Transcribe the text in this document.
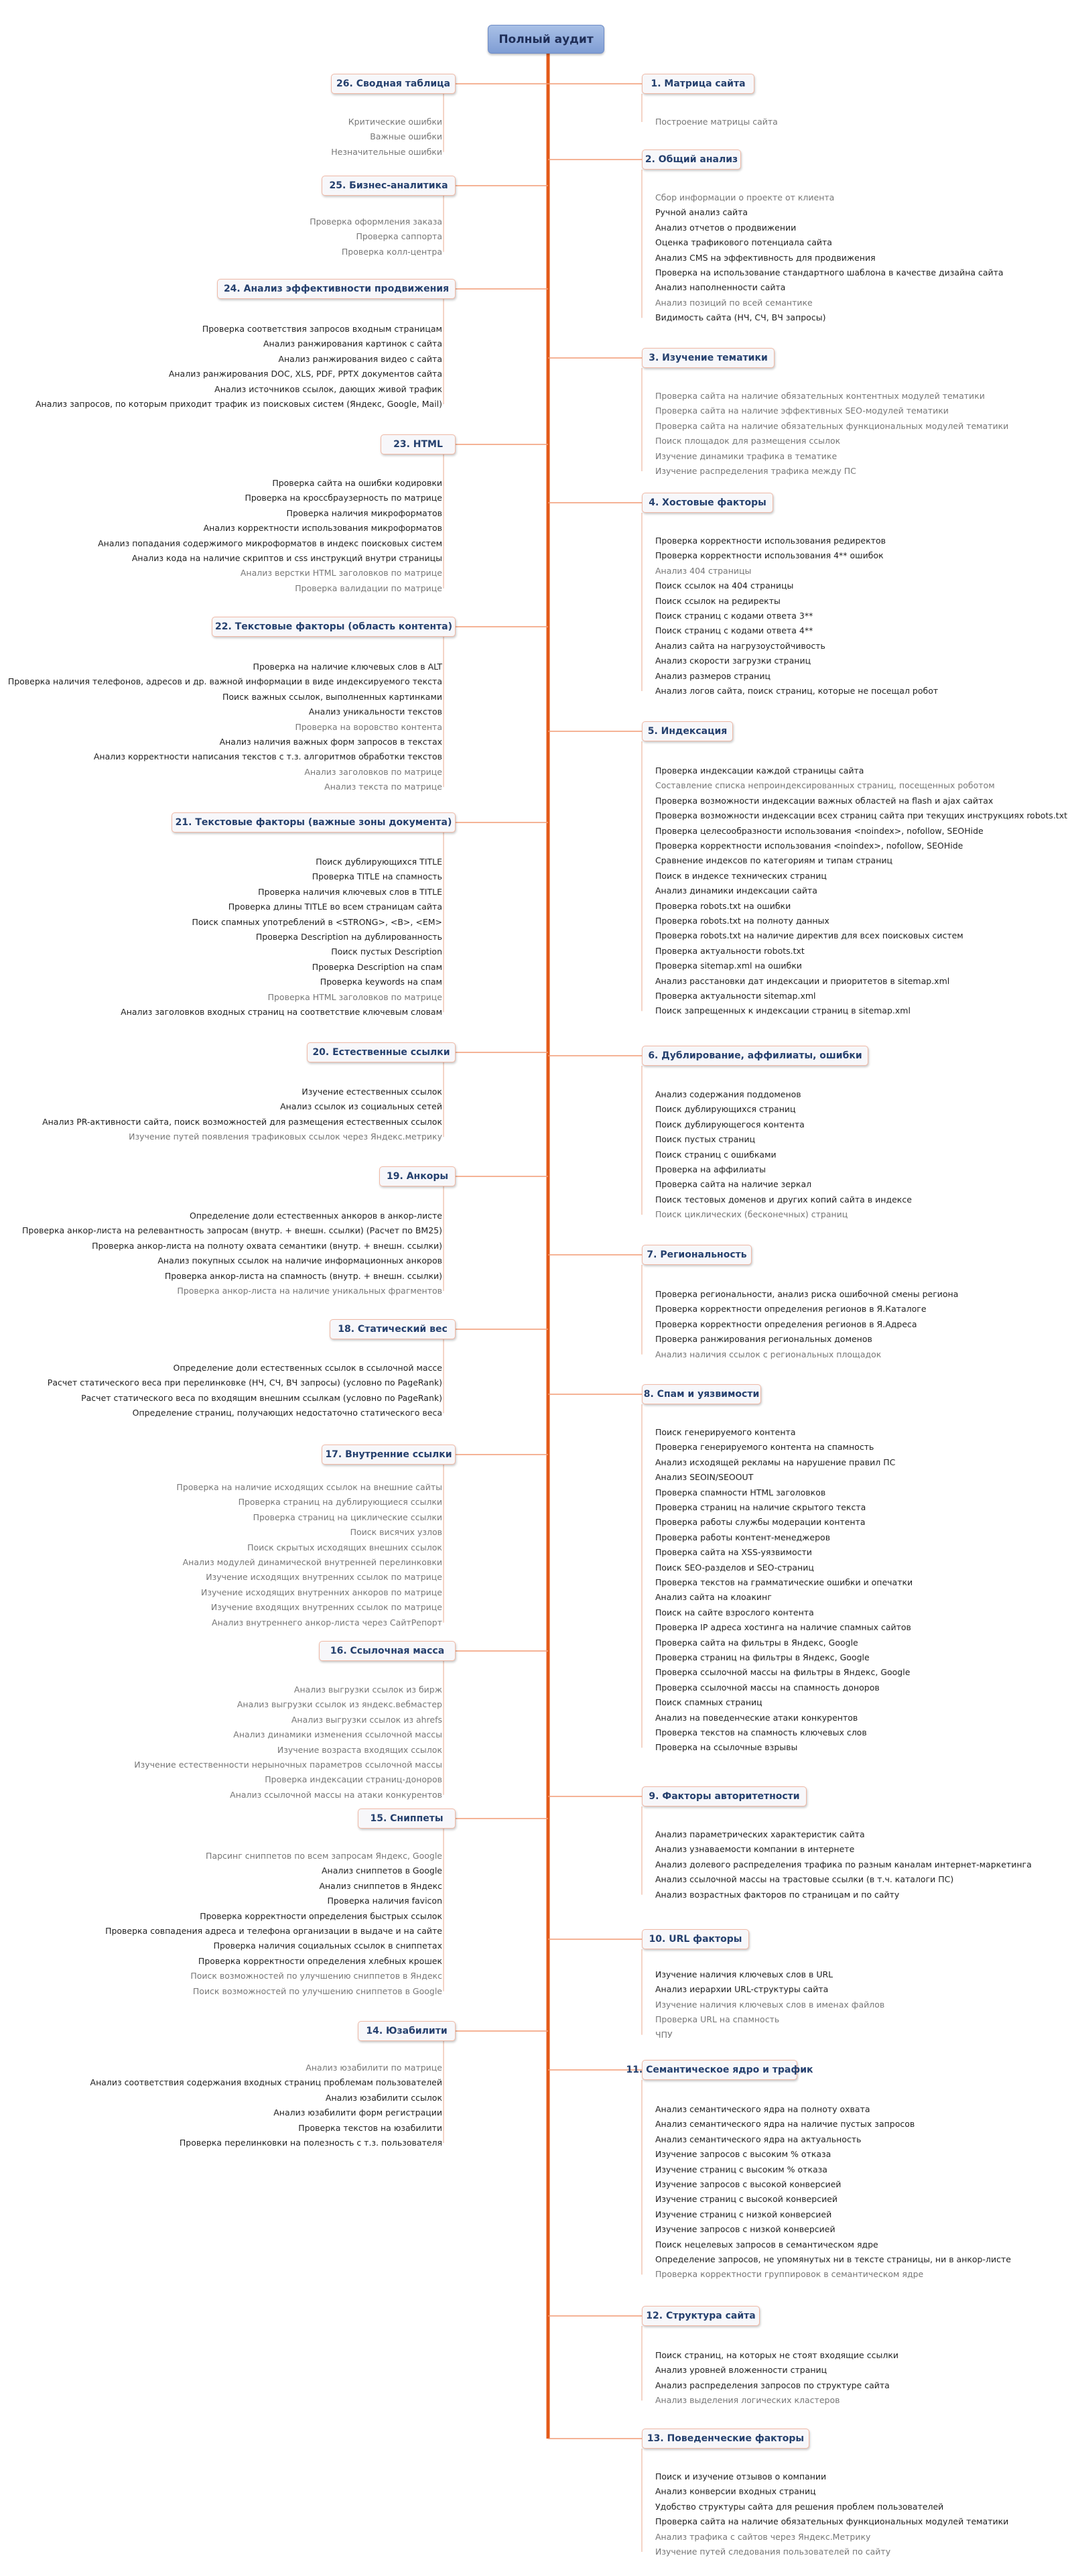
Полный аудит
26. Сводная таблица
25. Бизнес-аналитика
24. Анализ эффективности продвижения
23. HTML
22. Текстовые факторы (область контента)
21. Текстовые факторы (важные зоны документа)
20. Естественные ссылки
19. Анкоры
18. Статический вес
17. Внутренние ссылки
16. Ссылочная масса
15. Сниппеты
14. Юзабилити
1. Матрица сайта
2. Общий анализ
3. Изучение тематики
4. Хостовые факторы
5. Индексация
6. Дублирование, аффилиаты, ошибки
7. Региональность
8. Спам и уязвимости
9. Факторы авторитетности
10. URL факторы
11. Семантическое ядро и трафик
12. Структура сайта
13. Поведенческие факторы
Критические ошибки
Важные ошибки
Незначительные ошибки
Проверка оформления заказа
Проверка саппорта
Проверка колл-центра
Проверка соответствия запросов входным страницам
Анализ ранжирования картинок с сайта
Анализ ранжирования видео с сайта
Анализ ранжирования DOC, XLS, PDF, PPTX документов сайта
Анализ источников ссылок, дающих живой трафик
Анализ запросов, по которым приходит трафик из поисковых систем (Яндекс, Google, Mail)
Проверка сайта на ошибки кодировки
Проверка на кроссбраузерность по матрице
Проверка наличия микроформатов
Анализ корректности использования микроформатов
Анализ попадания содержимого микроформатов в индекс поисковых систем
Анализ кода на наличие скриптов и css инструкций внутри страницы
Анализ верстки HTML заголовков по матрице
Проверка валидации по матрице
Проверка на наличие ключевых слов в ALT
Проверка наличия телефонов, адресов и др. важной информации в виде индексируемого текста
Поиск важных ссылок, выполненных картинками
Анализ уникальности текстов
Проверка на воровство контента
Анализ наличия важных форм запросов в текстах
Анализ корректности написания текстов с т.з. алгоритмов обработки текстов
Анализ заголовков по матрице
Анализ текста по матрице
Поиск дублирующихся TITLE
Проверка TITLE на спамность
Проверка наличия ключевых слов в TITLE
Проверка длины TITLE во всем страницам сайта
Поиск спамных употреблений в <STRONG>, <B>, <EM>
Проверка Description на дублированность
Поиск пустых Description
Проверка Description на спам
Проверка keywords на спам
Проверка HTML заголовков по матрице
Анализ заголовков входных страниц на соответствие ключевым словам
Изучение естественных ссылок
Анализ ссылок из социальных сетей
Анализ PR-активности сайта, поиск возможностей для размещения естественных ссылок
Изучение путей появления трафиковых ссылок через Яндекс.метрику
Определение доли естественных анкоров в анкор-листе
Проверка анкор-листа на релевантность запросам (внутр. + внешн. ссылки) (Расчет по BM25)
Проверка анкор-листа на полноту охвата семантики (внутр. + внешн. ссылки)
Анализ покупных ссылок на наличие информационных анкоров
Проверка анкор-листа на спамность (внутр. + внешн. ссылки)
Проверка анкор-листа на наличие уникальных фрагментов
Определение доли естественных ссылок в ссылочной массе
Расчет статического веса при перелинковке (НЧ, СЧ, ВЧ запросы) (условно по PageRank)
Расчет статического веса по входящим внешним ссылкам (условно по PageRank)
Определение страниц, получающих недостаточно статического веса
Проверка на наличие исходящих ссылок на внешние сайты
Проверка страниц на дублирующиеся ссылки
Проверка страниц на циклические ссылки
Поиск висячих узлов
Поиск скрытых исходящих внешних ссылок
Анализ модулей динамической внутренней перелинковки
Изучение исходящих внутренних ссылок по матрице
Изучение исходящих внутренних анкоров по матрице
Изучение входящих внутренних ссылок по матрице
Анализ внутреннего анкор-листа через СайтРепорт
Анализ выгрузки ссылок из бирж
Анализ выгрузки ссылок из яндекс.вебмастер
Анализ выгрузки ссылок из ahrefs
Анализ динамики изменения ссылочной массы
Изучение возраста входящих ссылок
Изучение естественности нерыночных параметров ссылочной массы
Проверка индексации страниц-доноров
Анализ ссылочной массы на атаки конкурентов
Парсинг сниппетов по всем запросам Яндекс, Google
Анализ сниппетов в Google
Анализ сниппетов в Яндекс
Проверка наличия favicon
Проверка корректности определения быстрых ссылок
Проверка совпадения адреса и телефона организации в выдаче и на сайте
Проверка наличия социальных ссылок в сниппетах
Проверка корректности определения хлебных крошек
Поиск возможностей по улучшению сниппетов в Яндекс
Поиск возможностей по улучшению сниппетов в Google
Анализ юзабилити по матрице
Анализ соответствия содержания входных страниц проблемам пользователей
Анализ юзабилити ссылок
Анализ юзабилити форм регистрации
Проверка текстов на юзабилити
Проверка перелинковки на полезность с т.з. пользователя
Построение матрицы сайта
Сбор информации о проекте от клиента
Ручной анализ сайта
Анализ отчетов о продвижении
Оценка трафикового потенциала сайта
Анализ CMS на эффективность для продвижения
Проверка на использование стандартного шаблона в качестве дизайна сайта
Анализ наполненности сайта
Анализ позиций по всей семантике
Видимость сайта (НЧ, СЧ, ВЧ запросы)
Проверка сайта на наличие обязательных контентных модулей тематики
Проверка сайта на наличие эффективных SEO-модулей тематики
Проверка сайта на наличие обязательных функциональных модулей тематики
Поиск площадок для размещения ссылок
Изучение динамики трафика в тематике
Изучение распределения трафика между ПС
Проверка корректности использования редиректов
Проверка корректности использования 4** ошибок
Анализ 404 страницы
Поиск ссылок на 404 страницы
Поиск ссылок на редиректы
Поиск страниц с кодами ответа 3**
Поиск страниц с кодами ответа 4**
Анализ сайта на нагрузоустойчивость
Анализ скорости загрузки страниц
Анализ размеров страниц
Анализ логов сайта, поиск страниц, которые не посещал робот
Проверка индексации каждой страницы сайта
Составление списка непроиндексированных страниц, посещенных роботом
Проверка возможности индексации важных областей на flash и ajax сайтах
Проверка возможности индексации всех страниц сайта при текущих инструкциях robots.txt
Проверка целесообразности использования <noindex>, nofollow, SEOHide
Проверка корректности использования <noindex>, nofollow, SEOHide
Сравнение индексов по категориям и типам страниц
Поиск в индексе технических страниц
Анализ динамики индексации сайта
Проверка robots.txt на ошибки
Проверка robots.txt на полноту данных
Проверка robots.txt на наличие директив для всех поисковых систем
Проверка актуальности robots.txt
Проверка sitemap.xml на ошибки
Анализ расстановки дат индексации и приоритетов в sitemap.xml
Проверка актуальности sitemap.xml
Поиск запрещенных к индексации страниц в sitemap.xml
Анализ содержания поддоменов
Поиск дублирующихся страниц
Поиск дублирующегося контента
Поиск пустых страниц
Поиск страниц с ошибками
Проверка на аффилиаты
Проверка сайта на наличие зеркал
Поиск тестовых доменов и других копий сайта в индексе
Поиск циклических (бесконечных) страниц
Проверка региональности, анализ риска ошибочной смены региона
Проверка корректности определения регионов в Я.Каталоге
Проверка корректности определения регионов в Я.Адреса
Проверка ранжирования региональных доменов
Анализ наличия ссылок с региональных площадок
Поиск генерируемого контента
Проверка генерируемого контента на спамность
Анализ исходящей рекламы на нарушение правил ПС
Анализ SEOIN/SEOOUT
Проверка спамности HTML заголовков
Проверка страниц на наличие скрытого текста
Проверка работы службы модерации контента
Проверка работы контент-менеджеров
Проверка сайта на XSS-уязвимости
Поиск SEO-разделов и SEO-страниц
Проверка текстов на грамматические ошибки и опечатки
Анализ сайта на клоакинг
Поиск на сайте взрослого контента
Проверка IP адреса хостинга на наличие спамных сайтов
Проверка сайта на фильтры в Яндекс, Google
Проверка страниц на фильтры в Яндекс, Google
Проверка ссылочной массы на фильтры в Яндекс, Google
Проверка ссылочной массы на спамность доноров
Поиск спамных страниц
Анализ на поведенческие атаки конкурентов
Проверка текстов на спамность ключевых слов
Проверка на ссылочные взрывы
Анализ параметрических характеристик сайта
Анализ узнаваемости компании в интернете
Анализ долевого распределения трафика по разным каналам интернет-маркетинга
Анализ ссылочной массы на трастовые ссылки (в т.ч. каталоги ПС)
Анализ возрастных факторов по страницам и по сайту
Изучение наличия ключевых слов в URL
Анализ иерархии URL-структуры сайта
Изучение наличия ключевых слов в именах файлов
Проверка URL на спамность
ЧПУ
Анализ семантического ядра на полноту охвата
Анализ семантического ядра на наличие пустых запросов
Анализ семантического ядра на актуальность
Изучение запросов с высоким % отказа
Изучение страниц с высоким % отказа
Изучение запросов с высокой конверсией
Изучение страниц с высокой конверсией
Изучение страниц с низкой конверсией
Изучение запросов с низкой конверсией
Поиск нецелевых запросов в семантическом ядре
Определение запросов, не упомянутых ни в тексте страницы, ни в анкор-листе
Проверка корректности группировок в семантическом ядре
Поиск страниц, на которых не стоят входящие ссылки
Анализ уровней вложенности страниц
Анализ распределения запросов по структуре сайта
Анализ выделения логических кластеров
Поиск и изучение отзывов о компании
Анализ конверсии входных страниц
Удобство структуры сайта для решения проблем пользователей
Проверка сайта на наличие обязательных функциональных модулей тематики
Анализ трафика с сайтов через Яндекс.Метрику
Изучение путей следования пользователей по сайту
